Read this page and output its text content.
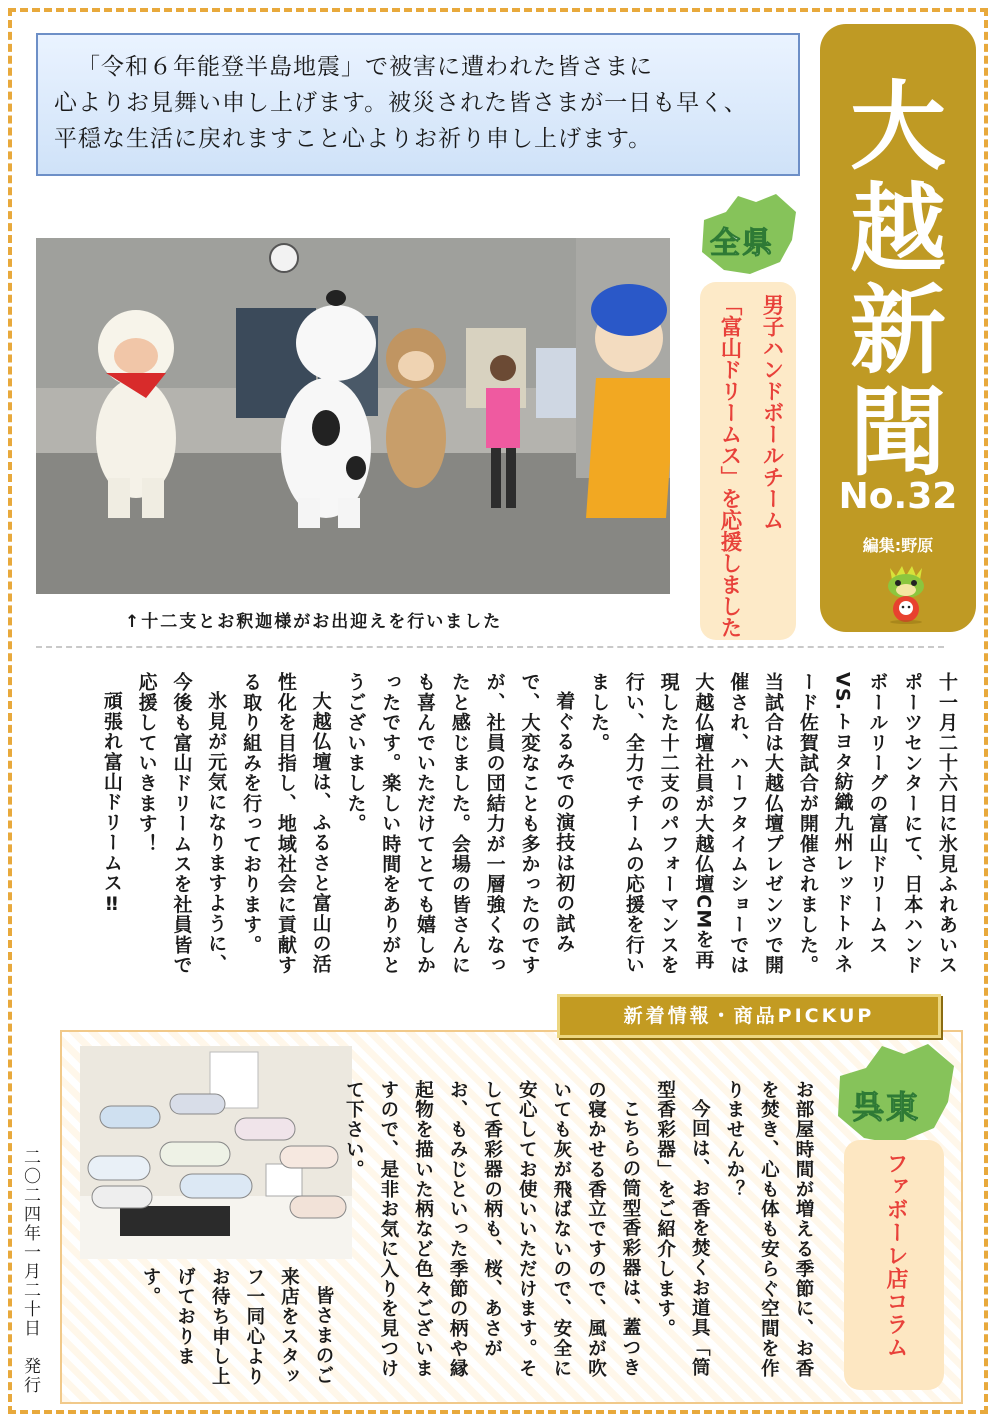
「令和６年能登半島地震」で被害に遭われた皆さまに

心よりお見舞い申し上げます。被災された皆さまが一日も早く、

平穏な生活に戻れますこと心よりお祈り申し上げます。	大
越
新
聞
No.32
編集:野原
↑十二支とお釈迦様がお出迎えを行いました
全県
男子ハンドボールチーム
「富山ドリームス」を応援しました

十一月二十六日に氷見ふれあいスポーツセンターにて、日本ハンドボールリーグの富山ドリームスVS.トヨタ紡織九州レッドトルネード佐賀試合が開催されました。当試合は大越仏壇プレゼンツで開催され、ハーフタイムショーでは大越仏壇社員が大越仏壇CMを再現した十二支のパフォーマンスを行い、全力でチームの応援を行いました。

着ぐるみでの演技は初の試みで、大変なことも多かったのですが、社員の団結力が一層強くなったと感じました。会場の皆さんにも喜んでいただけてとても嬉しかったです。楽しい時間をありがとうございました。

大越仏壇は、ふるさと富山の活性化を目指し、地域社会に貢献する取り組みを行っております。

氷見が元気になりますように、今後も富山ドリームスを社員皆で応援していきます！

頑張れ富山ドリームス‼

新着情報・商品PICKUP

お部屋時間が増える季節に、お香を焚き、心も体も安らぐ空間を作りませんか？

今回は、お香を焚くお道具「筒型香彩器」をご紹介します。

こちらの筒型香彩器は、蓋つきの寝かせる香立ですので、風が吹いても灰が飛ばないので、安全に安心してお使いいただけます。そして香彩器の柄も、桜、あさがお、もみじといった季節の柄や縁起物を描いた柄など色々ございますので、是非お気に入りを見つけて下さい。

皆さまのご来店をスタッフ一同心よりお待ち申し上げております。

呉東
ファボーレ店コラム
二〇二四年一月二十日　発行
